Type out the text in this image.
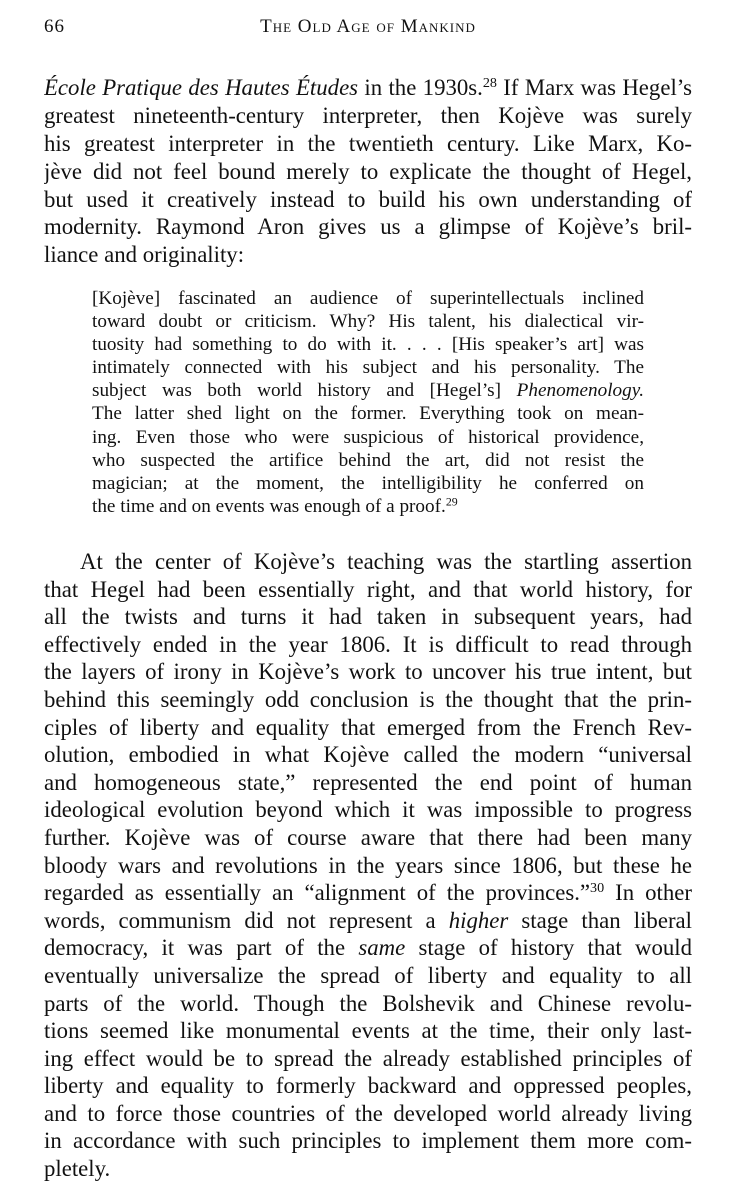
66	The Old Age of Mankind
École Pratique des Hautes Études in the 1930s.$^{28}$ If Marx was Hegel’s
greatest nineteenth-century interpreter, then Kojève was surely
his greatest interpreter in the twentieth century. Like Marx, Ko-
jève did not feel bound merely to explicate the thought of Hegel,
but used it creatively instead to build his own understanding of
modernity. Raymond Aron gives us a glimpse of Kojève’s bril-
liance and originality:
[Kojève] fascinated an audience of superintellectuals inclined
toward doubt or criticism. Why? His talent, his dialectical vir-
tuosity had something to do with it. . . . [His speaker’s art] was
intimately connected with his subject and his personality. The
subject was both world history and [Hegel’s] Phenomenology.
The latter shed light on the former. Everything took on mean-
ing. Even those who were suspicious of historical providence,
who suspected the artifice behind the art, did not resist the
magician; at the moment, the intelligibility he conferred on
the time and on events was enough of a proof.$^{29}$
At the center of Kojève’s teaching was the startling assertion
that Hegel had been essentially right, and that world history, for
all the twists and turns it had taken in subsequent years, had
effectively ended in the year 1806. It is difficult to read through
the layers of irony in Kojève’s work to uncover his true intent, but
behind this seemingly odd conclusion is the thought that the prin-
ciples of liberty and equality that emerged from the French Rev-
olution, embodied in what Kojève called the modern “universal
and homogeneous state,” represented the end point of human
ideological evolution beyond which it was impossible to progress
further. Kojève was of course aware that there had been many
bloody wars and revolutions in the years since 1806, but these he
regarded as essentially an “alignment of the provinces.”$^{30}$ In other
words, communism did not represent a higher stage than liberal
democracy, it was part of the same stage of history that would
eventually universalize the spread of liberty and equality to all
parts of the world. Though the Bolshevik and Chinese revolu-
tions seemed like monumental events at the time, their only last-
ing effect would be to spread the already established principles of
liberty and equality to formerly backward and oppressed peoples,
and to force those countries of the developed world already living
in accordance with such principles to implement them more com-
pletely.
